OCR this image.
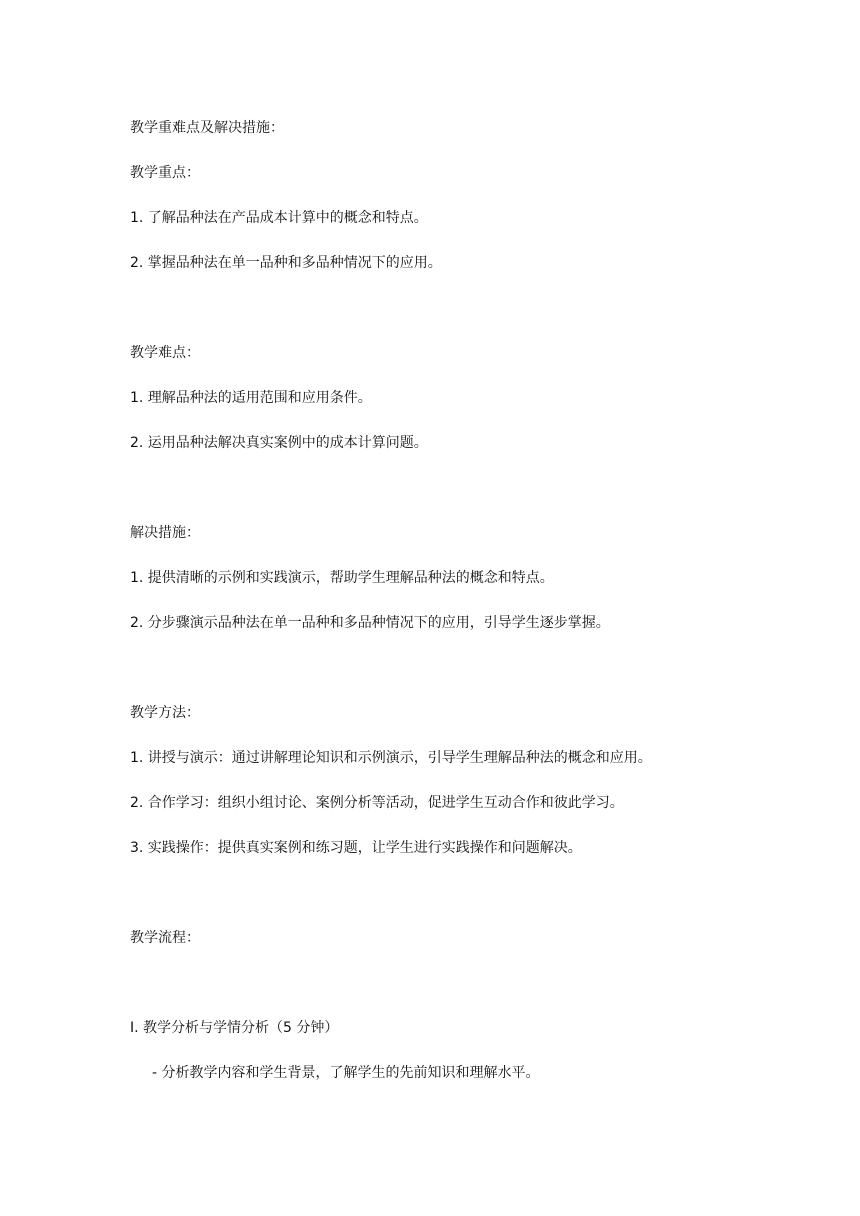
教学重难点及解决措施：
教学重点：
1. 了解品种法在产品成本计算中的概念和特点。
2. 掌握品种法在单一品种和多品种情况下的应用。
教学难点：
1. 理解品种法的适用范围和应用条件。
2. 运用品种法解决真实案例中的成本计算问题。
解决措施：
1. 提供清晰的示例和实践演示，帮助学生理解品种法的概念和特点。
2. 分步骤演示品种法在单一品种和多品种情况下的应用，引导学生逐步掌握。
教学方法：
1. 讲授与演示：通过讲解理论知识和示例演示，引导学生理解品种法的概念和应用。
2. 合作学习：组织小组讨论、案例分析等活动，促进学生互动合作和彼此学习。
3. 实践操作：提供真实案例和练习题，让学生进行实践操作和问题解决。
教学流程：
I. 教学分析与学情分析（5 分钟）
- 分析教学内容和学生背景，了解学生的先前知识和理解水平。
